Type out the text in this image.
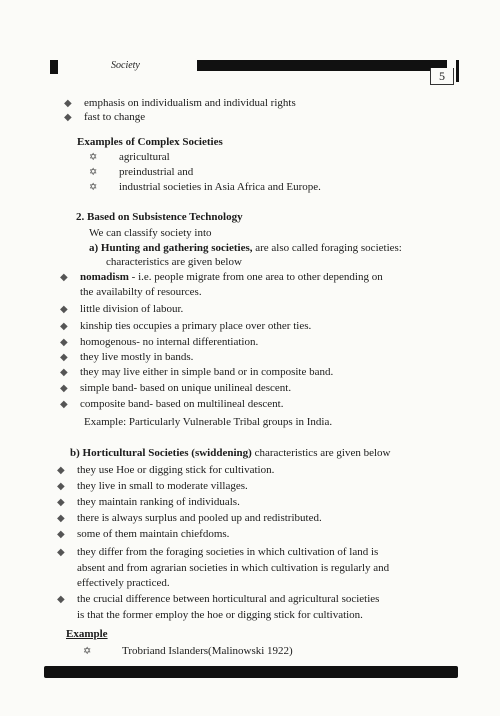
Society
5
◆ emphasis on individualism and individual rights
◆ fast to change
Examples of Complex Societies
✡ agricultural
✡ preindustrial and
✡ industrial societies in Asia Africa and Europe.
2. Based on Subsistence Technology
We can classify society into
a) Hunting and gathering societies, are also called foraging societies:
characteristics are given below
◆ nomadism - i.e. people migrate from one area to other depending on
the availabilty of resources.
◆ little division of labour.
◆ kinship ties occupies a primary place over other ties.
◆ homogenous- no internal differentiation.
◆ they live mostly in bands.
◆ they may live either in simple band or in composite band.
◆ simple band- based on unique unilineal descent.
◆ composite band- based on multilineal descent.
Example: Particularly Vulnerable Tribal groups in India.
b) Horticultural Societies (swiddening) characteristics are given below
◆ they use Hoe or digging stick for cultivation.
◆ they live in small to moderate villages.
◆ they maintain ranking of individuals.
◆ there is always surplus and pooled up and redistributed.
◆ some of them maintain chiefdoms.
◆ they differ from the foraging societies in which cultivation of land is
absent and from agrarian societies in which cultivation is regularly and
effectively practiced.
◆ the crucial difference between horticultural and agricultural societies
is that the former employ the hoe or digging stick for cultivation.
Example
✡	Trobriand Islanders(Malinowski 1922)
